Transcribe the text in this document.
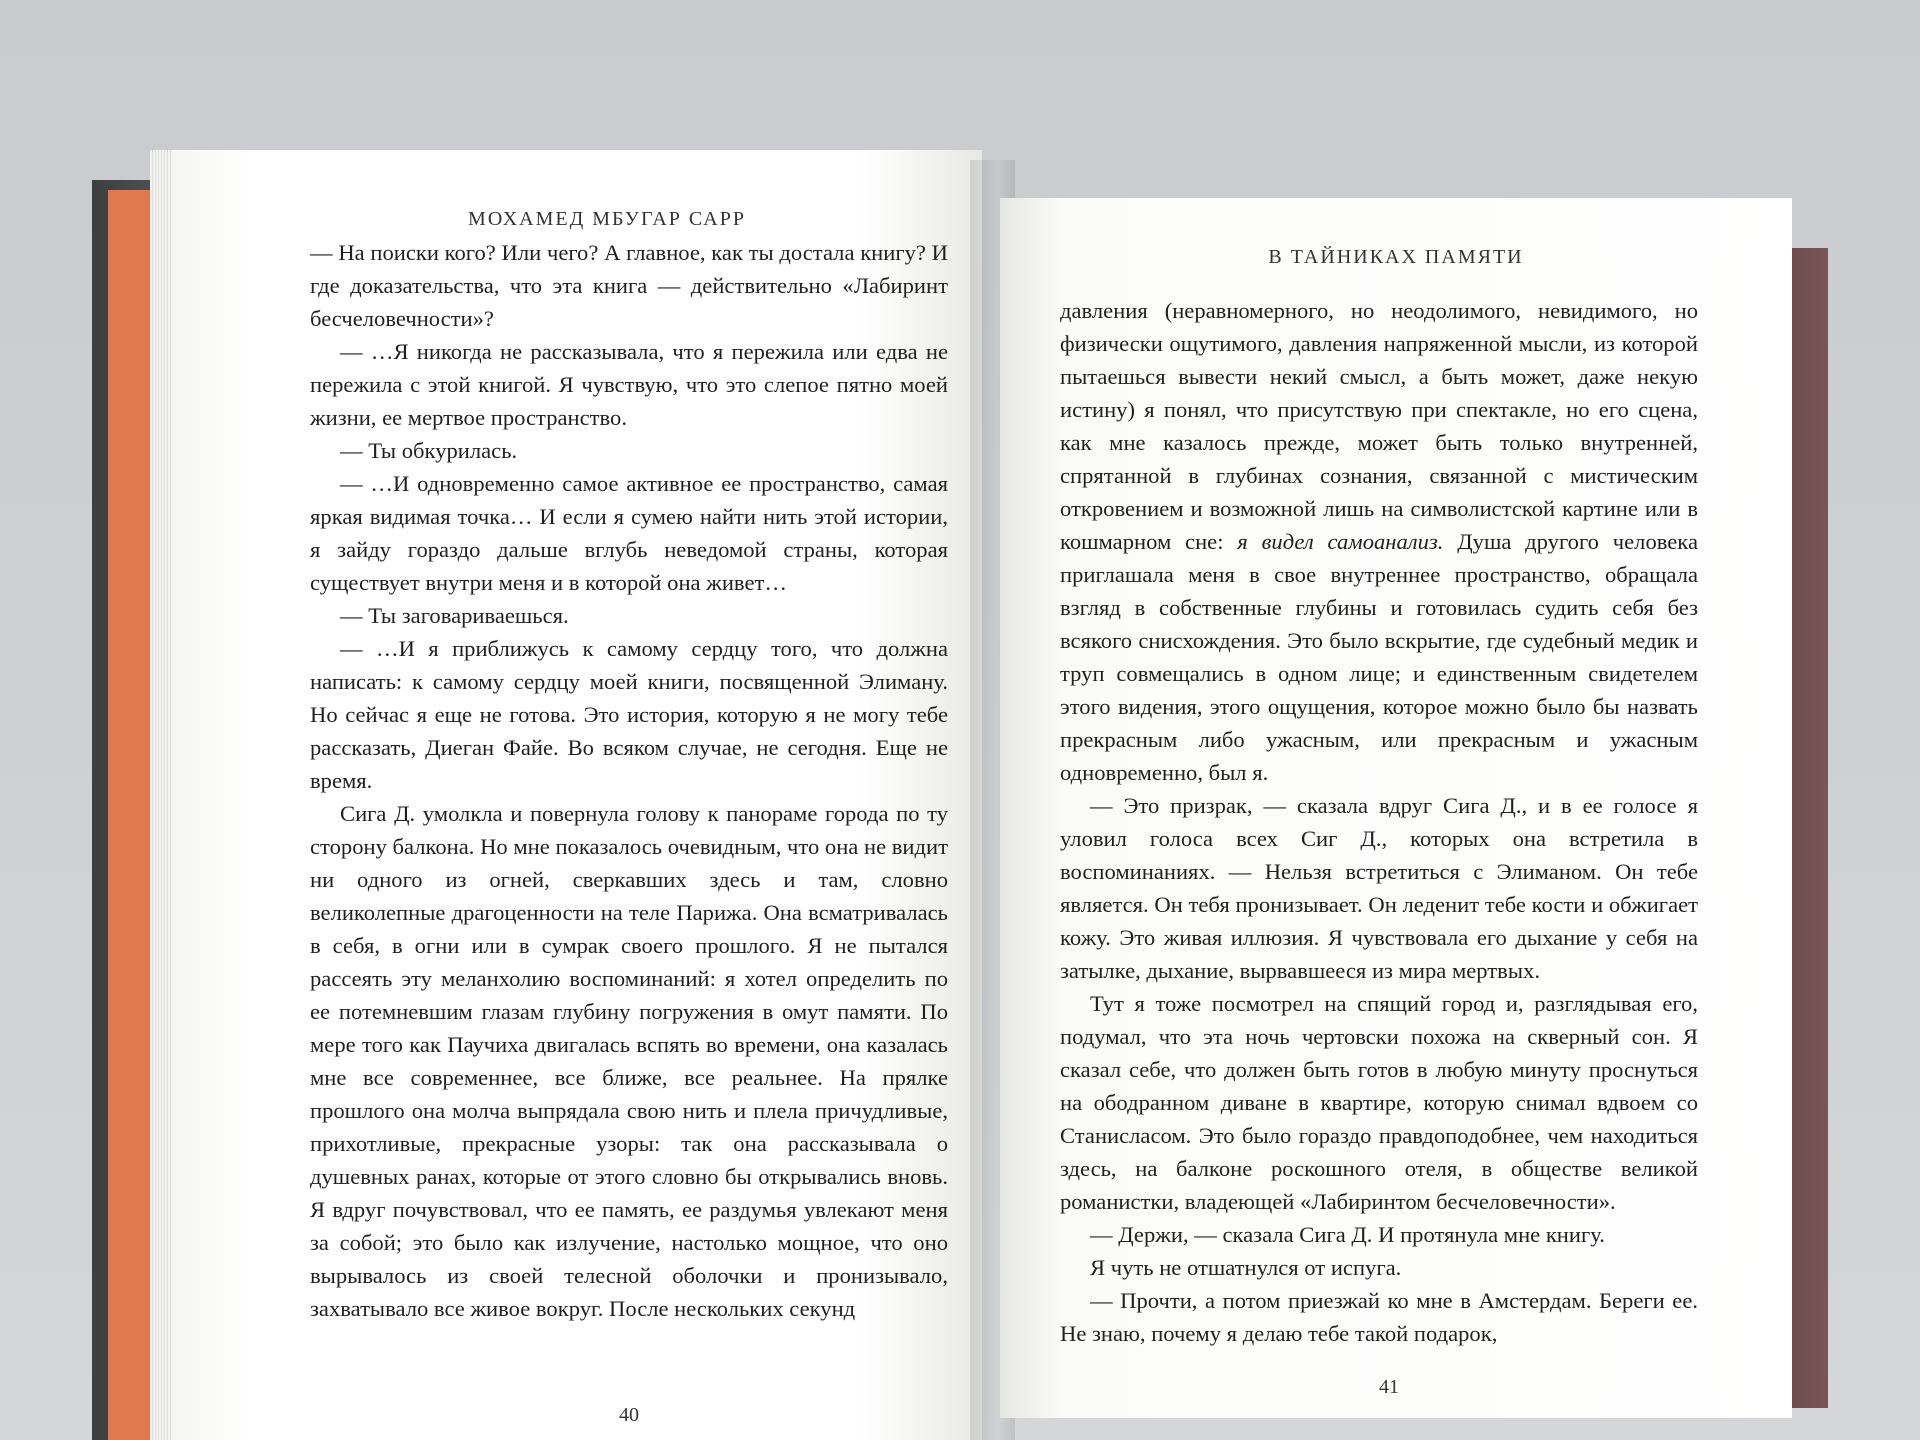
МОХАМЕД МБУГАР САРР

— На поиски кого? Или чего? А главное, как ты достала книгу? И где доказательства, что эта книга — действительно «Лабиринт бесчеловечности»?

— …Я никогда не рассказывала, что я пережила или едва не пережила с этой книгой. Я чувствую, что это слепое пятно моей жизни, ее мертвое пространство.

— Ты обкурилась.

— …И одновременно самое активное ее пространство, самая яркая видимая точка… И если я сумею найти нить этой истории, я зайду гораздо дальше вглубь неведомой страны, которая существует внутри меня и в которой она живет…

— Ты заговариваешься.

— …И я приближусь к самому сердцу того, что должна написать: к самому сердцу моей книги, посвященной Элиману. Но сейчас я еще не готова. Это история, которую я не могу тебе рассказать, Диеган Файе. Во всяком случае, не сегодня. Еще не время.

Сига Д. умолкла и повернула голову к панораме города по ту сторону балкона. Но мне показалось очевидным, что она не видит ни одного из огней, сверкавших здесь и там, словно великолепные драгоценности на теле Парижа. Она всматривалась в себя, в огни или в сумрак своего прошлого. Я не пытался рассеять эту меланхолию воспоминаний: я хотел определить по ее потемневшим глазам глубину погружения в омут памяти. По мере того как Паучиха двигалась вспять во времени, она казалась мне все современнее, все ближе, все реальнее. На прялке прошлого она молча выпрядала свою нить и плела причудливые, прихотливые, прекрасные узоры: так она рассказывала о душевных ранах, которые от этого словно бы открывались вновь. Я вдруг почувствовал, что ее память, ее раздумья увлекают меня за собой; это было как излучение, настолько мощное, что оно вырывалось из своей телесной оболочки и пронизывало, захватывало все живое вокруг. После нескольких секунд

40
В ТАЙНИКАХ ПАМЯТИ

давления (неравномерного, но неодолимого, невидимого, но физически ощутимого, давления напряженной мысли, из которой пытаешься вывести некий смысл, а быть может, даже некую истину) я понял, что присутствую при спектакле, но его сцена, как мне казалось прежде, может быть только внутренней, спрятанной в глубинах сознания, связанной с мистическим откровением и возможной лишь на символистской картине или в кошмарном сне: я видел самоанализ. Душа другого человека приглашала меня в свое внутреннее пространство, обращала взгляд в собственные глубины и готовилась судить себя без всякого снисхождения. Это было вскрытие, где судебный медик и труп совмещались в одном лице; и единственным свидетелем этого видения, этого ощущения, которое можно было бы назвать прекрасным либо ужасным, или прекрасным и ужасным одновременно, был я.

— Это призрак, — сказала вдруг Сига Д., и в ее голосе я уловил голоса всех Сиг Д., которых она встретила в воспоминаниях. — Нельзя встретиться с Элиманом. Он тебе является. Он тебя пронизывает. Он леденит тебе кости и обжигает кожу. Это живая иллюзия. Я чувствовала его дыхание у себя на затылке, дыхание, вырвавшееся из мира мертвых.

Тут я тоже посмотрел на спящий город и, разглядывая его, подумал, что эта ночь чертовски похожа на скверный сон. Я сказал себе, что должен быть готов в любую минуту проснуться на ободранном диване в квартире, которую снимал вдвоем со Станисласом. Это было гораздо правдоподобнее, чем находиться здесь, на балконе роскошного отеля, в обществе великой романистки, владеющей «Лабиринтом бесчеловечности».

— Держи, — сказала Сига Д. И протянула мне книгу.

Я чуть не отшатнулся от испуга.

— Прочти, а потом приезжай ко мне в Амстердам. Береги ее. Не знаю, почему я делаю тебе такой подарок,

41
